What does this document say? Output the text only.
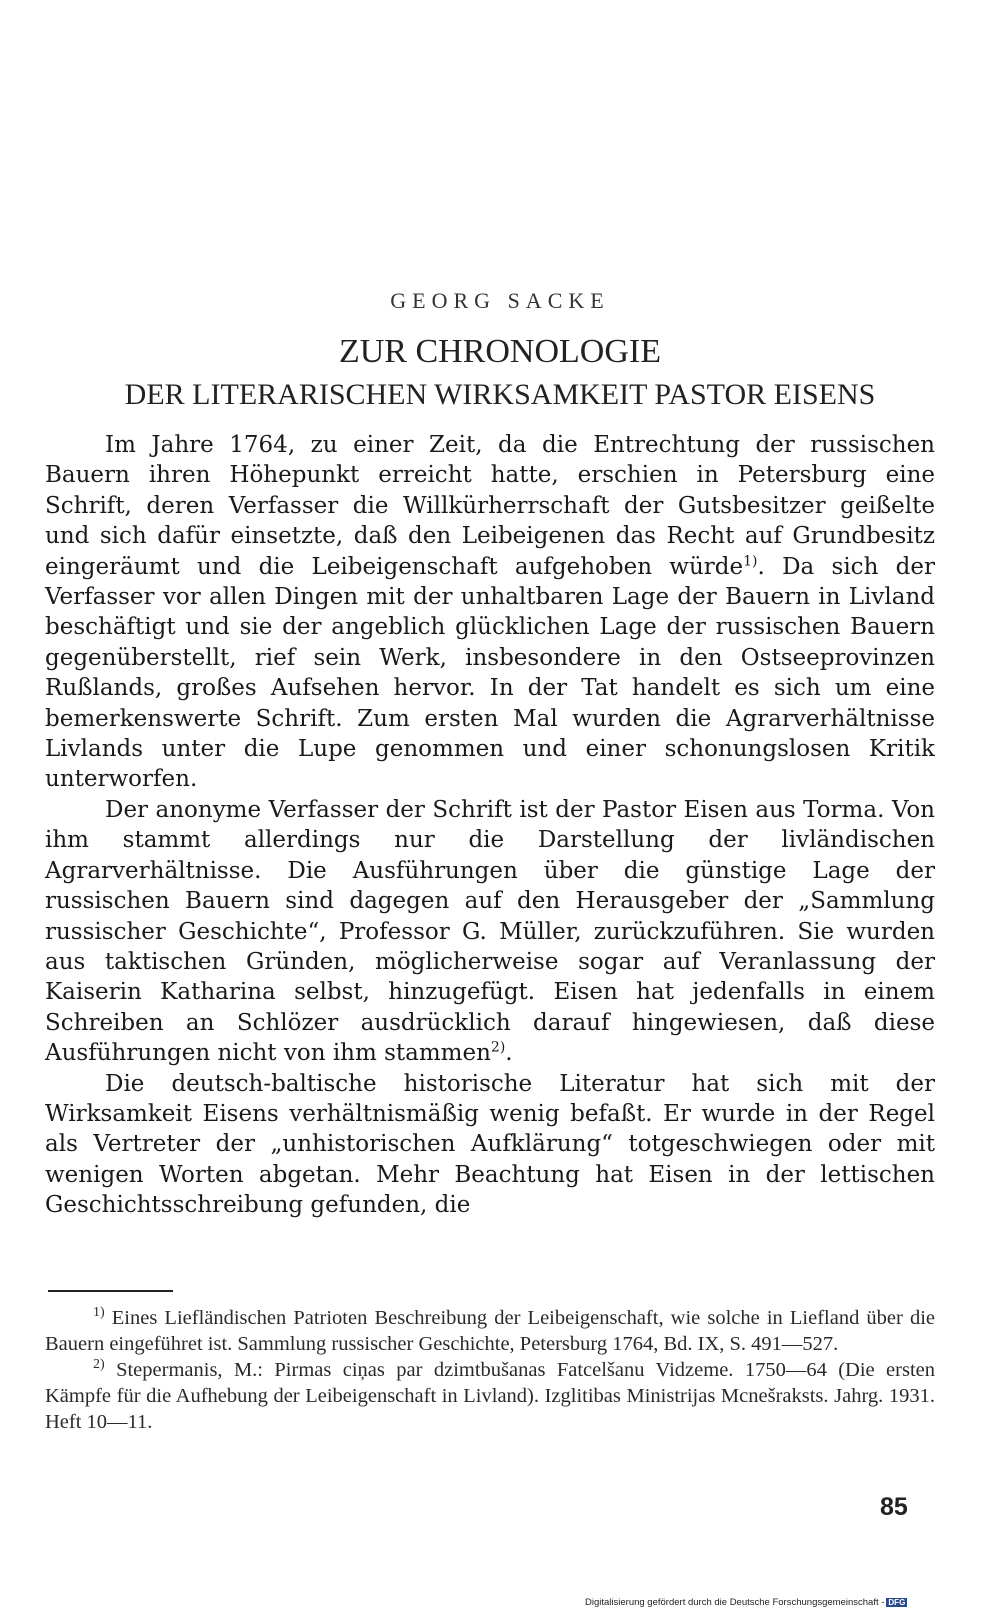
GEORG SACKE
ZUR CHRONOLOGIE
DER LITERARISCHEN WIRKSAMKEIT PASTOR EISENS

Im Jahre 1764, zu einer Zeit, da die Entrechtung der russischen Bauern ihren Höhepunkt erreicht hatte, erschien in Petersburg eine Schrift, deren Verfasser die Willkürherrschaft der Gutsbesitzer geißelte und sich dafür einsetzte, daß den Leibeigenen das Recht auf Grundbesitz eingeräumt und die Leibeigenschaft aufgehoben würde$^{1)}$. Da sich der Verfasser vor allen Dingen mit der unhaltbaren Lage der Bauern in Livland beschäftigt und sie der angeblich glücklichen Lage der russischen Bauern gegenüberstellt, rief sein Werk, insbesondere in den Ostseeprovinzen Rußlands, großes Aufsehen hervor. In der Tat handelt es sich um eine bemerkenswerte Schrift. Zum ersten Mal wurden die Agrarverhältnisse Livlands unter die Lupe genommen und einer schonungslosen Kritik unterworfen.

Der anonyme Verfasser der Schrift ist der Pastor Eisen aus Torma. Von ihm stammt allerdings nur die Darstellung der livländischen Agrarverhältnisse. Die Ausführungen über die günstige Lage der russischen Bauern sind dagegen auf den Herausgeber der „Sammlung russischer Geschichte“, Professor G. Müller, zurückzuführen. Sie wurden aus taktischen Gründen, möglicherweise sogar auf Veranlassung der Kaiserin Katharina selbst, hinzugefügt. Eisen hat jedenfalls in einem Schreiben an Schlözer ausdrücklich darauf hingewiesen, daß diese Ausführungen nicht von ihm stammen$^{2)}$.

Die deutsch-baltische historische Literatur hat sich mit der Wirksamkeit Eisens verhältnismäßig wenig befaßt. Er wurde in der Regel als Vertreter der „unhistorischen Aufklärung“ totgeschwiegen oder mit wenigen Worten abgetan. Mehr Beachtung hat Eisen in der lettischen Geschichtsschreibung gefunden, die

$^{1)}$ Eines Liefländischen Patrioten Beschreibung der Leibeigenschaft, wie solche in Liefland über die Bauern eingeführet ist. Sammlung russischer Geschichte, Petersburg 1764, Bd. IX, S. 491—527.

$^{2)}$ Stepermanis, M.: Pirmas ciņas par dzimtbušanas Fatcelšanu Vidzeme. 1750—64 (Die ersten Kämpfe für die Aufhebung der Leibeigenschaft in Livland). Izglitibas Ministrijas Mcnešraksts. Jahrg. 1931. Heft 10—11.

85
Digitalisierung gefördert durch die Deutsche Forschungsgemeinschaft - DFG
